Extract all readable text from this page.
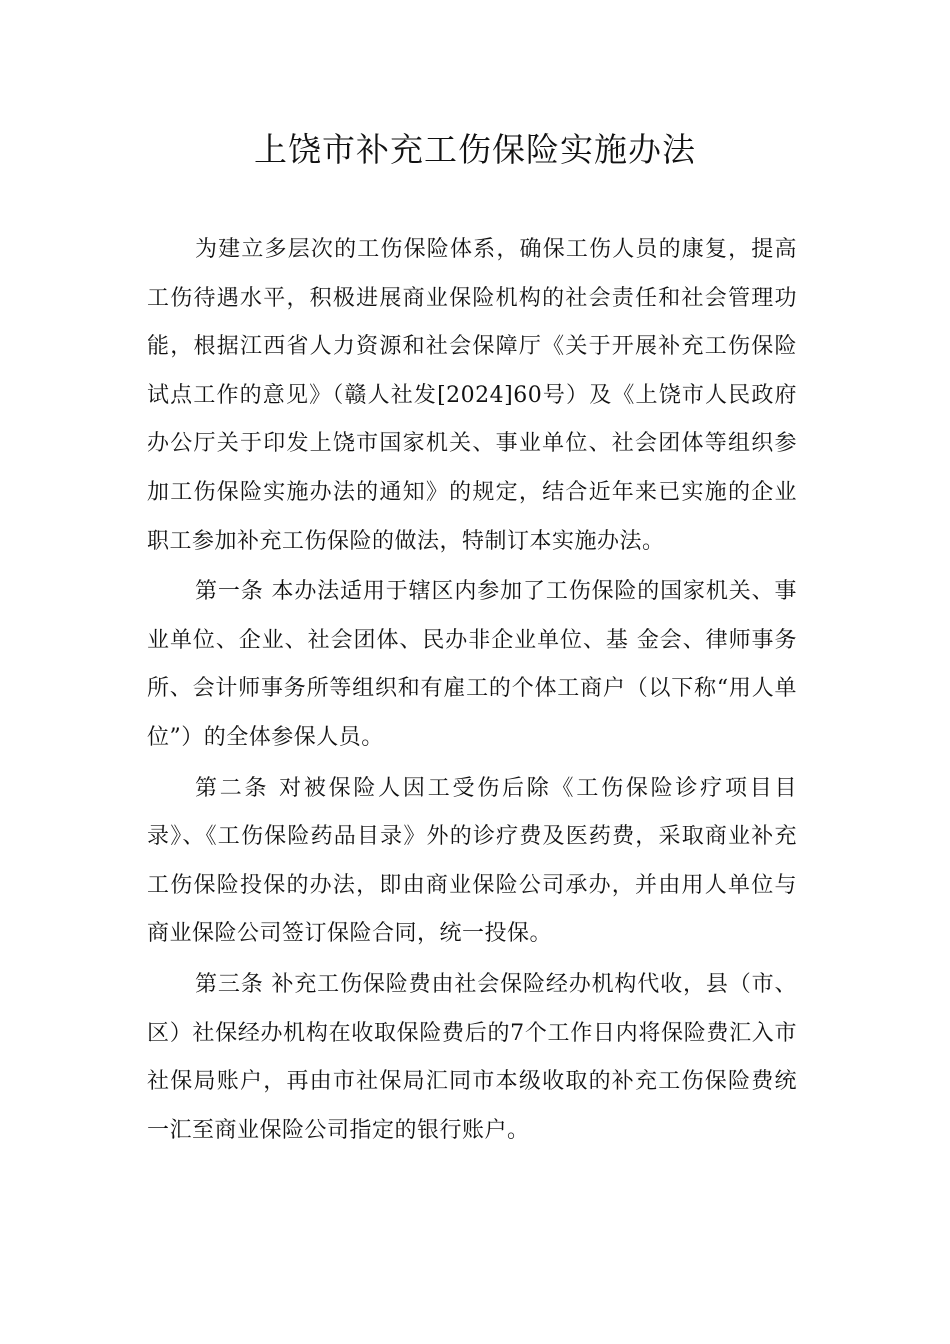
上饶市补充工伤保险实施办法

为建立多层次的工伤保险体系，确保工伤人员的康复，提高工伤待遇水平，积极进展商业保险机构的社会责任和社会管理功能，根据江西省人力资源和社会保障厅《关于开展补充工伤保险试点工作的意见》（赣人社发[2024]60号）及《上饶市人民政府办公厅关于印发上饶市国家机关、事业单位、社会团体等组织参加工伤保险实施办法的通知》的规定，结合近年来已实施的企业职工参加补充工伤保险的做法，特制订本实施办法。

第一条 本办法适用于辖区内参加了工伤保险的国家机关、事业单位、企业、社会团体、民办非企业单位、基 金会、律师事务所、会计师事务所等组织和有雇工的个体工商户（以下称“用人单位”）的全体参保人员。

第二条 对被保险人因工受伤后除《工伤保险诊疗项目目录》、《工伤保险药品目录》外的诊疗费及医药费，采取商业补充工伤保险投保的办法，即由商业保险公司承办，并由用人单位与商业保险公司签订保险合同，统一投保。

第三条 补充工伤保险费由社会保险经办机构代收，县（市、区）社保经办机构在收取保险费后的7个工作日内将保险费汇入市社保局账户，再由市社保局汇同市本级收取的补充工伤保险费统一汇至商业保险公司指定的银行账户。
